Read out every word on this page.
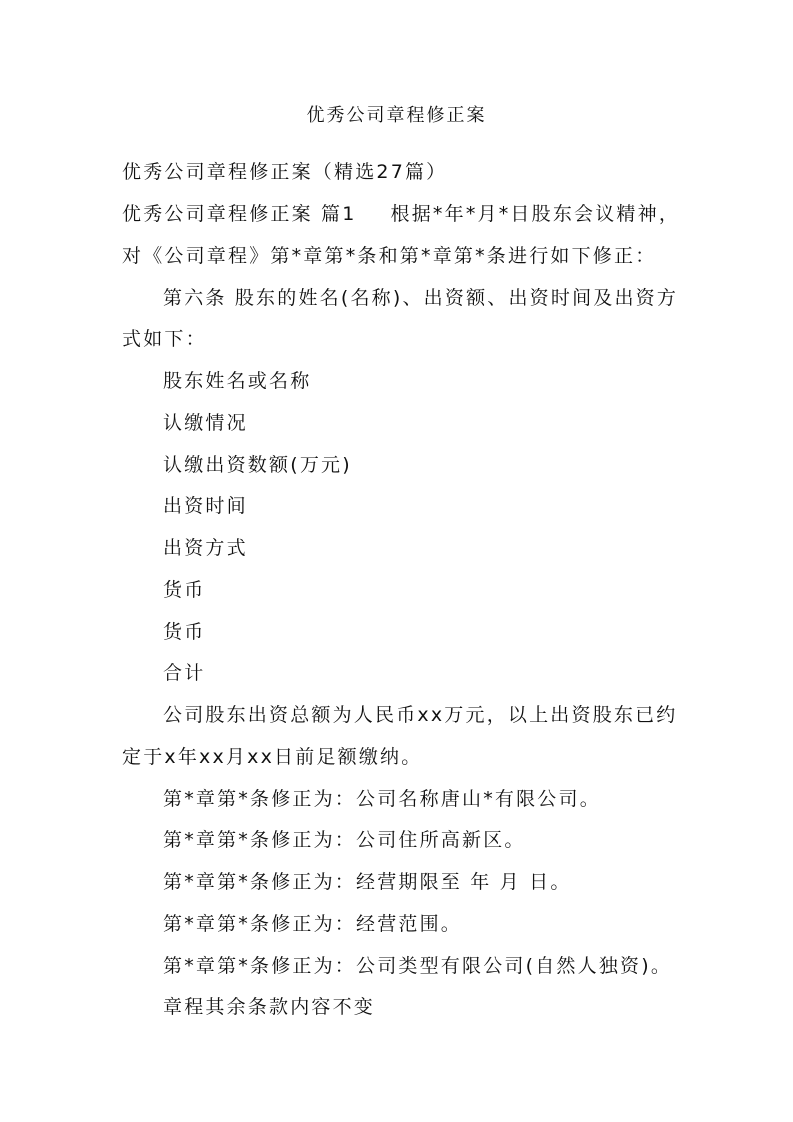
优秀公司章程修正案
优秀公司章程修正案（精选27篇）
优秀公司章程修正案 篇1 根据*年*月*日股东会议精神，
对《公司章程》第*章第*条和第*章第*条进行如下修正：
第六条 股东的姓名(名称)、出资额、出资时间及出资方
式如下：
股东姓名或名称
认缴情况
认缴出资数额(万元)
出资时间
出资方式
货币
货币
合计
公司股东出资总额为人民币xx万元，以上出资股东已约
定于x年xx月xx日前足额缴纳。
第*章第*条修正为：公司名称唐山*有限公司。
第*章第*条修正为：公司住所高新区。
第*章第*条修正为：经营期限至 年 月 日。
第*章第*条修正为：经营范围。
第*章第*条修正为：公司类型有限公司(自然人独资)。
章程其余条款内容不变
